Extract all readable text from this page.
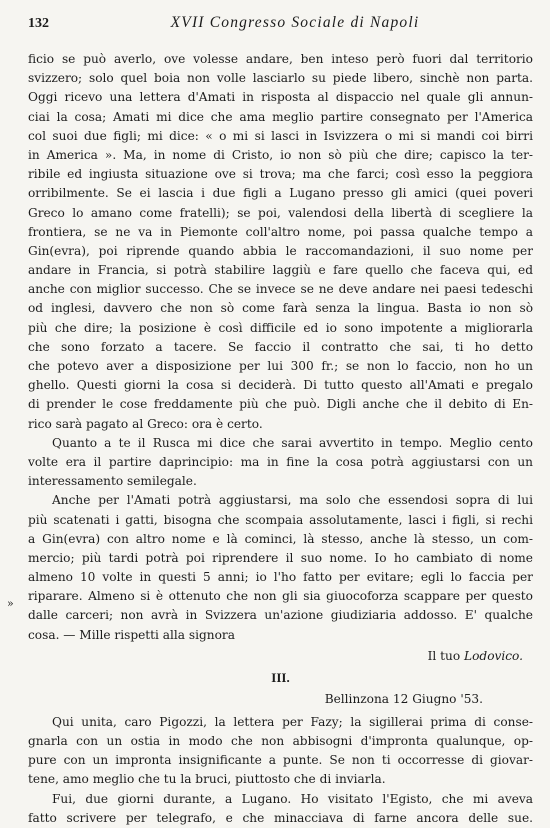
132	XVII Congresso Sociale di Napoli
»
ficio se può averlo, ove volesse andare, ben inteso però fuori dal territorio
svizzero; solo quel boia non volle lasciarlo su piede libero, sinchè non parta.
Oggi ricevo una lettera d'Amati in risposta al dispaccio nel quale gli annun-
ciai la cosa; Amati mi dice che ama meglio partire consegnato per l'America
col suoi due figli; mi dice: « o mi si lasci in Isvizzera o mi si mandi coi birri
in America ». Ma, in nome di Cristo, io non sò più che dire; capisco la ter-
ribile ed ingiusta situazione ove si trova; ma che farci; così esso la peggiora
orribilmente. Se ei lascia i due figli a Lugano presso gli amici (quei poveri
Greco lo amano come fratelli); se poi, valendosi della libertà di scegliere la
frontiera, se ne va in Piemonte coll'altro nome, poi passa qualche tempo a
Gin(evra), poi riprende quando abbia le raccomandazioni, il suo nome per
andare in Francia, si potrà stabilire laggiù e fare quello che faceva qui, ed
anche con miglior successo. Che se invece se ne deve andare nei paesi tedeschi
od inglesi, davvero che non sò come farà senza la lingua. Basta io non sò
più che dire; la posizione è così difficile ed io sono impotente a migliorarla
che sono forzato a tacere. Se faccio il contratto che sai, ti ho detto
che potevo aver a disposizione per lui 300 fr.; se non lo faccio, non ho un
ghello. Questi giorni la cosa si deciderà. Di tutto questo all'Amati e pregalo
di prender le cose freddamente più che può. Digli anche che il debito di En-
rico sarà pagato al Greco: ora è certo.
Quanto a te il Rusca mi dice che sarai avvertito in tempo. Meglio cento
volte era il partire daprincipio: ma in fine la cosa potrà aggiustarsi con un
interessamento semilegale.
Anche per l'Amati potrà aggiustarsi, ma solo che essendosi sopra di lui
più scatenati i gatti, bisogna che scompaia assolutamente, lasci i figli, si rechi
a Gin(evra) con altro nome e là cominci, là stesso, anche là stesso, un com-
mercio; più tardi potrà poi riprendere il suo nome. Io ho cambiato di nome
almeno 10 volte in questi 5 anni; io l'ho fatto per evitare; egli lo faccia per
riparare. Almeno si è ottenuto che non gli sia giuocoforza scappare per questo
dalle carceri; non avrà in Svizzera un'azione giudiziaria addosso. E' qualche
cosa. — Mille rispetti alla signora
Il tuo Lodovico.
III.
Bellinzona 12 Giugno '53.
Qui unita, caro Pigozzi, la lettera per Fazy; la sigillerai prima di conse-
gnarla con un ostia in modo che non abbisogni d'impronta qualunque, op-
pure con un impronta insignificante a punte. Se non ti occorresse di giovar-
tene, amo meglio che tu la bruci, piuttosto che di inviarla.
Fui, due giorni durante, a Lugano. Ho visitato l'Egisto, che mi aveva
fatto scrivere per telegrafo, e che minacciava di farne ancora delle sue.
